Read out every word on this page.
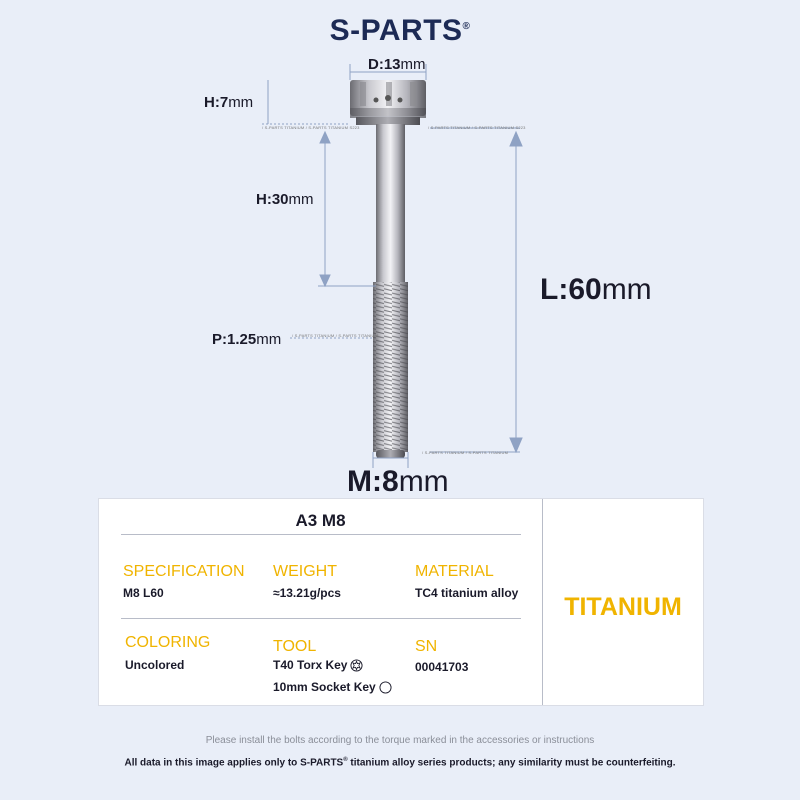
S-PARTS®
D:13mm
H:7mm
H:30mm
P:1.25mm
L:60mm
M:8mm
/ S-PARTS TITANIUM / S-PARTS TITANIUM S223	/ S-PARTS TITANIUM / S-PARTS TITANIUM S223
/ S-PARTS TITANIUM / S-PARTS TITANIUM
/ S-PARTS TITANIUM / S-PARTS TITANIUM
A3 M8
SPECIFICATION
M8 L60
WEIGHT
≈13.21g/pcs
MATERIAL
TC4 titanium alloy
COLORING
Uncolored
TOOL
T40 Torx Key
10mm Socket Key
SN
00041703
TITANIUM
Please install the bolts according to the torque marked in the accessories or instructions
All data in this image applies only to S-PARTS® titanium alloy series products; any similarity must be counterfeiting.
